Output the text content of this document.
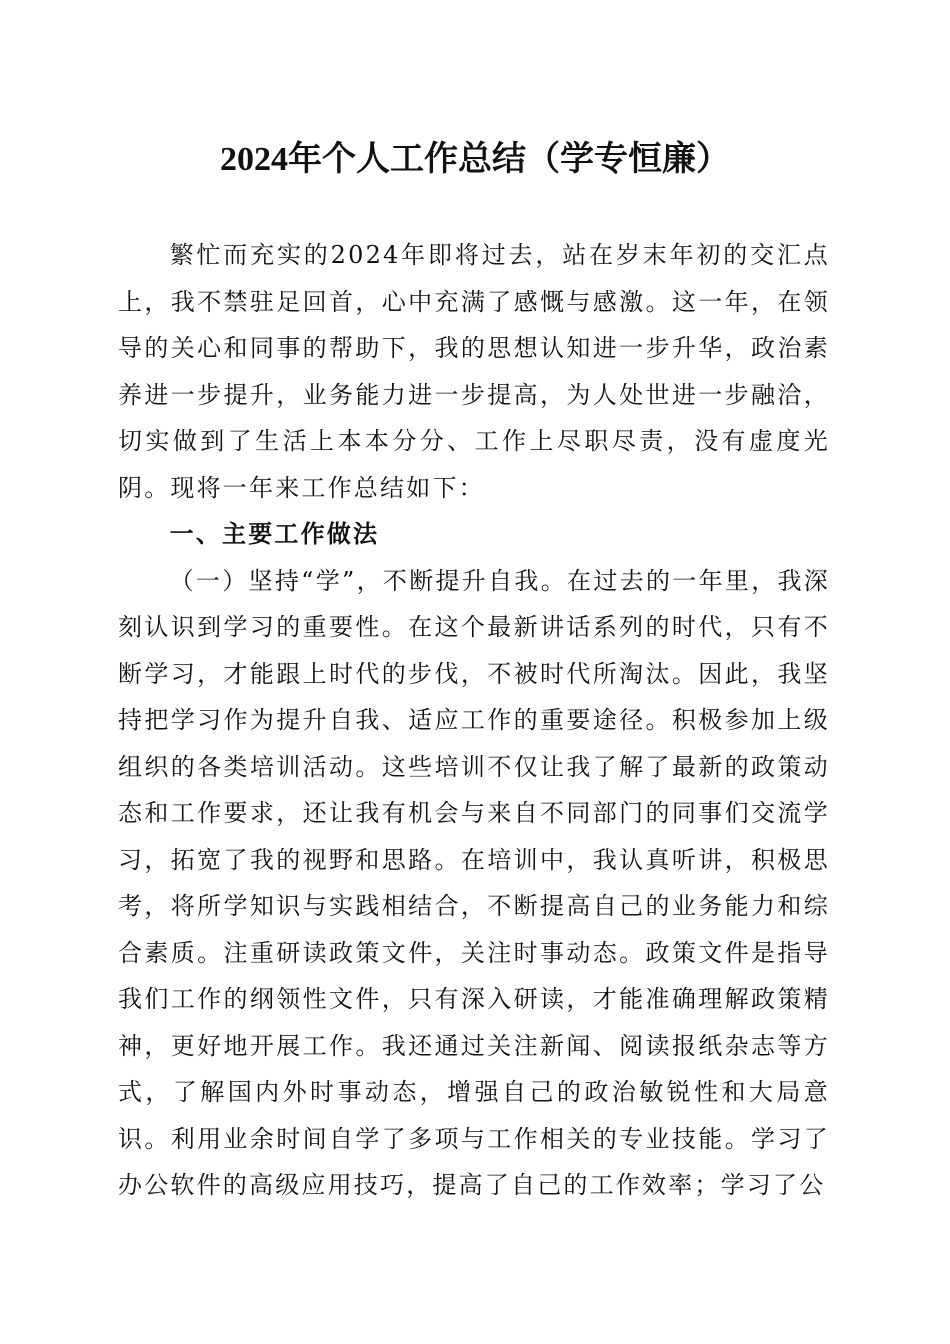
2024年个人工作总结（学专恒廉）

繁忙而充实的2024年即将过去，站在岁末年初的交汇点上，我不禁驻足回首，心中充满了感慨与感激。这一年，在领导的关心和同事的帮助下，我的思想认知进一步升华，政治素养进一步提升，业务能力进一步提高，为人处世进一步融洽，切实做到了生活上本本分分、工作上尽职尽责，没有虚度光阴。现将一年来工作总结如下：

一、主要工作做法

（一）坚持“学”，不断提升自我。在过去的一年里，我深刻认识到学习的重要性。在这个最新讲话系列的时代，只有不断学习，才能跟上时代的步伐，不被时代所淘汰。因此，我坚持把学习作为提升自我、适应工作的重要途径。积极参加上级组织的各类培训活动。这些培训不仅让我了解了最新的政策动态和工作要求，还让我有机会与来自不同部门的同事们交流学习，拓宽了我的视野和思路。在培训中，我认真听讲，积极思考，将所学知识与实践相结合，不断提高自己的业务能力和综合素质。注重研读政策文件，关注时事动态。政策文件是指导我们工作的纲领性文件，只有深入研读，才能准确理解政策精神，更好地开展工作。我还通过关注新闻、阅读报纸杂志等方式，了解国内外时事动态，增强自己的政治敏锐性和大局意识。利用业余时间自学了多项与工作相关的专业技能。学习了办公软件的高级应用技巧，提高了自己的工作效率；学习了公
